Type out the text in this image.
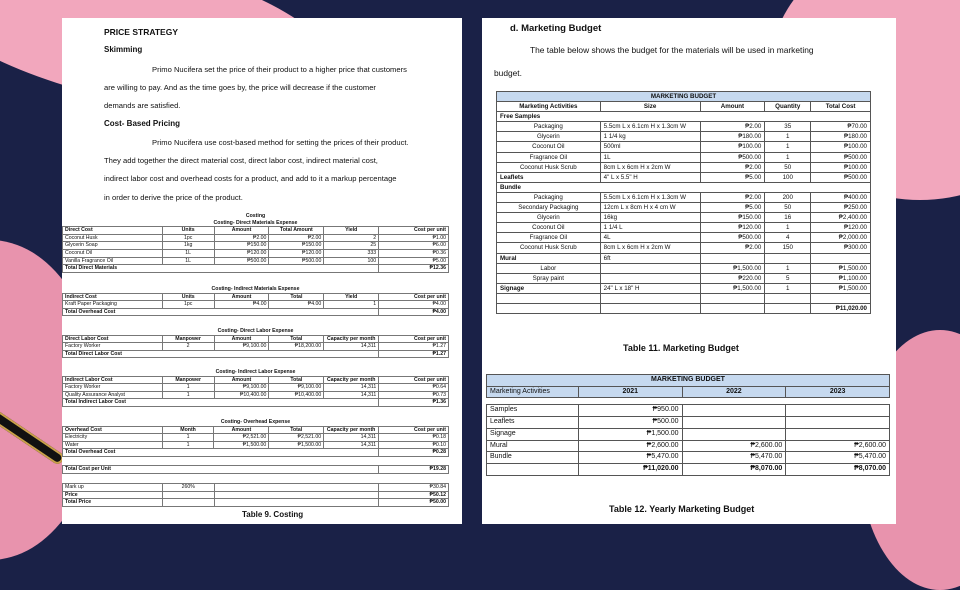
PRICE STRATEGY
Skimming
Primo Nucifera set the price of their product to a higher price that customers
are willing to pay. And as the time goes by, the price will decrease if the customer
demands are satisfied.
Cost- Based Pricing
Primo Nucifera use cost-based method for setting the prices of their product.
They add together the direct material cost, direct labor cost, indirect material cost,
indirect labor cost and overhead costs for a product, and add to it a markup percentage
in order to derive the price of the product.
Costing					
Costing- Direct Materials Expense					
Direct Cost	Units	Amount	Total Amount	Yield	Cost per unit
Coconut Husk	1pc	₱2.00	₱2.00	2	₱1.00
Glycerin Soap	1kg	₱150.00	₱150.00	25	₱6.00
Coconut Oil	1L	₱120.00	₱120.00	333	₱0.36
Vanilla Fragrance Oil	1L	₱500.00	₱500.00	100	₱5.00
Total Direct Materials					₱12.36
Costing- Indirect Materials Expense					
Indirect Cost	Units	Amount	Total	Yield	Cost per unit
Kraft Paper Packaging	1pc	₱4.00	₱4.00	1	₱4.00
Total Overhead Cost					₱4.00
Costing- Direct Labor Expense					
Direct Labor Cost	Manpower	Amount	Total	Capacity per month	Cost per unit
Factory Worker	2	₱9,100.00	₱18,200.00	14,311	₱1.27
Total Direct Labor Cost					₱1.27
Costing- Indirect Labor Expense					
Indirect Labor Cost	Manpower	Amount	Total	Capacity per month	Cost per unit
Factory Worker	1	₱9,100.00	₱9,100.00	14,311	₱0.64
Quality Assurance Analyst	1	₱10,400.00	₱10,400.00	14,311	₱0.73
Total Indirect Labor Cost					₱1.36
Costing- Overhead Expense					
Overhead Cost	Month	Amount	Total	Capacity per month	Cost per unit
Electricity	1	₱2,521.00	₱2,521.00	14,311	₱0.18
Water	1	₱1,500.00	₱1,500.00	14,311	₱0.10
Total Overhead Cost					₱0.28
Total Cost per Unit	₱19.28
Mark up	260%		₱30.84
Price			₱50.12
Total Price			₱50.00
Table 9. Costing
d. Marketing Budget
The table below shows the budget for the materials will be used in marketing
budget.
MARKETING BUDGET				
Marketing Activities	Size	Amount	Quantity	Total Cost
Free Samples				
Packaging	5.5cm L x 6.1cm H x 1.3cm W	₱2.00	35	₱70.00
Glycerin	1 1/4 kg	₱180.00	1	₱180.00
Coconut Oil	500ml	₱100.00	1	₱100.00
Fragrance Oil	1L	₱500.00	1	₱500.00
Coconut Husk Scrub	8cm L x 6cm H x 2cm W	₱2.00	50	₱100.00
Leaflets	4" L x 5.5" H	₱5.00	100	₱500.00
Bundle				
Packaging	5.5cm L x 6.1cm H x 1.3cm W	₱2.00	200	₱400.00
Secondary Packaging	12cm L x 8cm H x 4 cm W	₱5.00	50	₱250.00
Glycerin	16kg	₱150.00	16	₱2,400.00
Coconut Oil	1 1/4 L	₱120.00	1	₱120.00
Fragrance Oil	4L	₱500.00	4	₱2,000.00
Coconut Husk Scrub	8cm L x 6cm H x 2cm W	₱2.00	150	₱300.00
Mural	6ft			
Labor		₱1,500.00	1	₱1,500.00
Spray paint		₱220.00	5	₱1,100.00
Signage	24" L x 18" H	₱1,500.00	1	₱1,500.00

				₱11,020.00
Table 11. Marketing Budget
MARKETING BUDGET			
Marketing Activities	2021	2022	2023

Samples	₱950.00		
Leaflets	₱500.00		
Signage	₱1,500.00		
Mural	₱2,600.00	₱2,600.00	₱2,600.00
Bundle	₱5,470.00	₱5,470.00	₱5,470.00
	₱11,020.00	₱8,070.00	₱8,070.00
Table 12. Yearly Marketing Budget
